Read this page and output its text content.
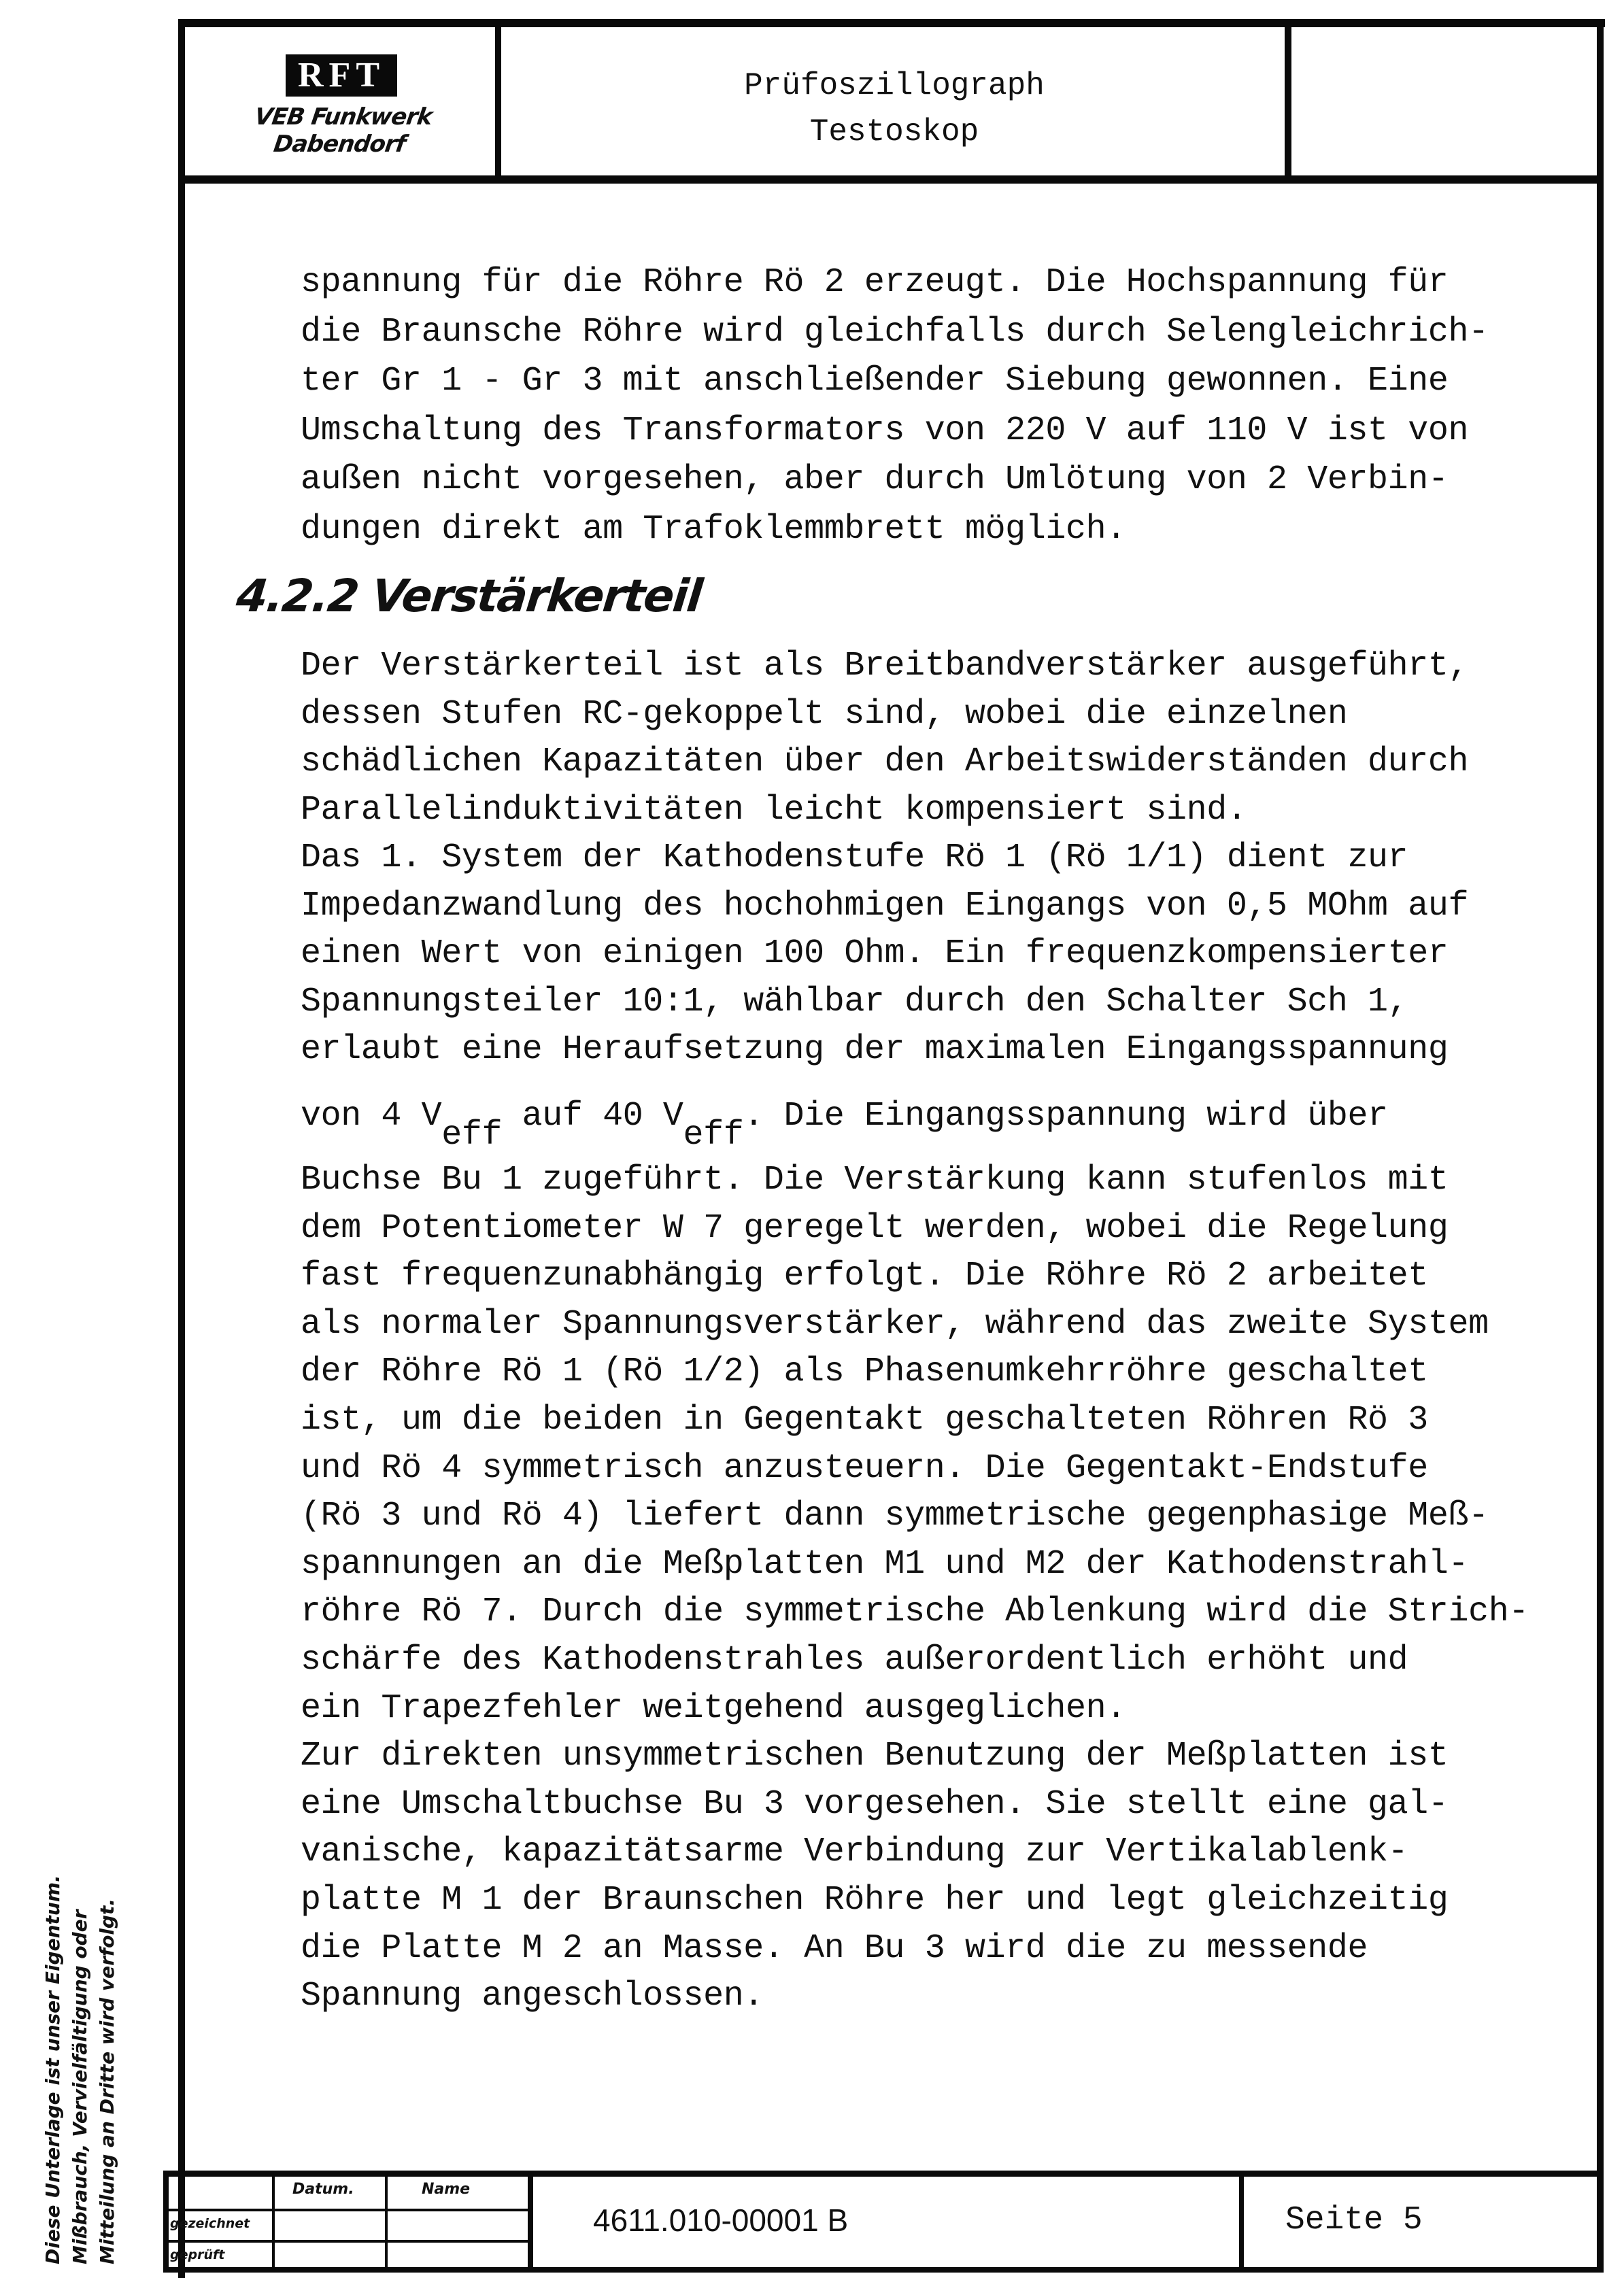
RFT
VEB Funkwerk Dabendorf
Prüfoszillograph
Testoskop
spannung für die Röhre Rö 2 erzeugt. Die Hochspannung für
die Braunsche Röhre wird gleichfalls durch Selengleichrich-
ter Gr 1 - Gr 3 mit anschließender Siebung gewonnen. Eine
Umschaltung des Transformators von 220 V auf 110 V ist von
außen nicht vorgesehen, aber durch Umlötung von 2 Verbin-
dungen direkt am Trafoklemmbrett möglich.
4.2.2 Verstärkerteil
Der Verstärkerteil ist als Breitbandverstärker ausgeführt,
dessen Stufen RC-gekoppelt sind, wobei die einzelnen
schädlichen Kapazitäten über den Arbeitswiderständen durch
Parallelinduktivitäten leicht kompensiert sind.
Das 1. System der Kathodenstufe Rö 1 (Rö 1/1) dient zur
Impedanzwandlung des hochohmigen Eingangs von 0,5 MOhm auf
einen Wert von einigen 100 Ohm. Ein frequenzkompensierter
Spannungsteiler 10:1, wählbar durch den Schalter Sch 1,
erlaubt eine Heraufsetzung der maximalen Eingangsspannung
von 4 Veff auf 40 Veff. Die Eingangsspannung wird über
Buchse Bu 1 zugeführt. Die Verstärkung kann stufenlos mit
dem Potentiometer W 7 geregelt werden, wobei die Regelung
fast frequenzunabhängig erfolgt. Die Röhre Rö 2 arbeitet
als normaler Spannungsverstärker, während das zweite System
der Röhre Rö 1 (Rö 1/2) als Phasenumkehrröhre geschaltet
ist, um die beiden in Gegentakt geschalteten Röhren Rö 3
und Rö 4 symmetrisch anzusteuern. Die Gegentakt-Endstufe
(Rö 3 und Rö 4) liefert dann symmetrische gegenphasige Meß-
spannungen an die Meßplatten M1 und M2 der Kathodenstrahl-
röhre Rö 7. Durch die symmetrische Ablenkung wird die Strich-
schärfe des Kathodenstrahles außerordentlich erhöht und
ein Trapezfehler weitgehend ausgeglichen.
Zur direkten unsymmetrischen Benutzung der Meßplatten ist
eine Umschaltbuchse Bu 3 vorgesehen. Sie stellt eine gal-
vanische, kapazitätsarme Verbindung zur Vertikalablenk-
platte M 1 der Braunschen Röhre her und legt gleichzeitig
die Platte M 2 an Masse. An Bu 3 wird die zu messende
Spannung angeschlossen.
Diese Unterlage ist unser Eigentum. Mißbrauch, Vervielfältigung oder Mitteilung an Dritte wird verfolgt.	Datum.	Name
gezeichnet
geprüft
4611.010-00001 B	Seite 5
